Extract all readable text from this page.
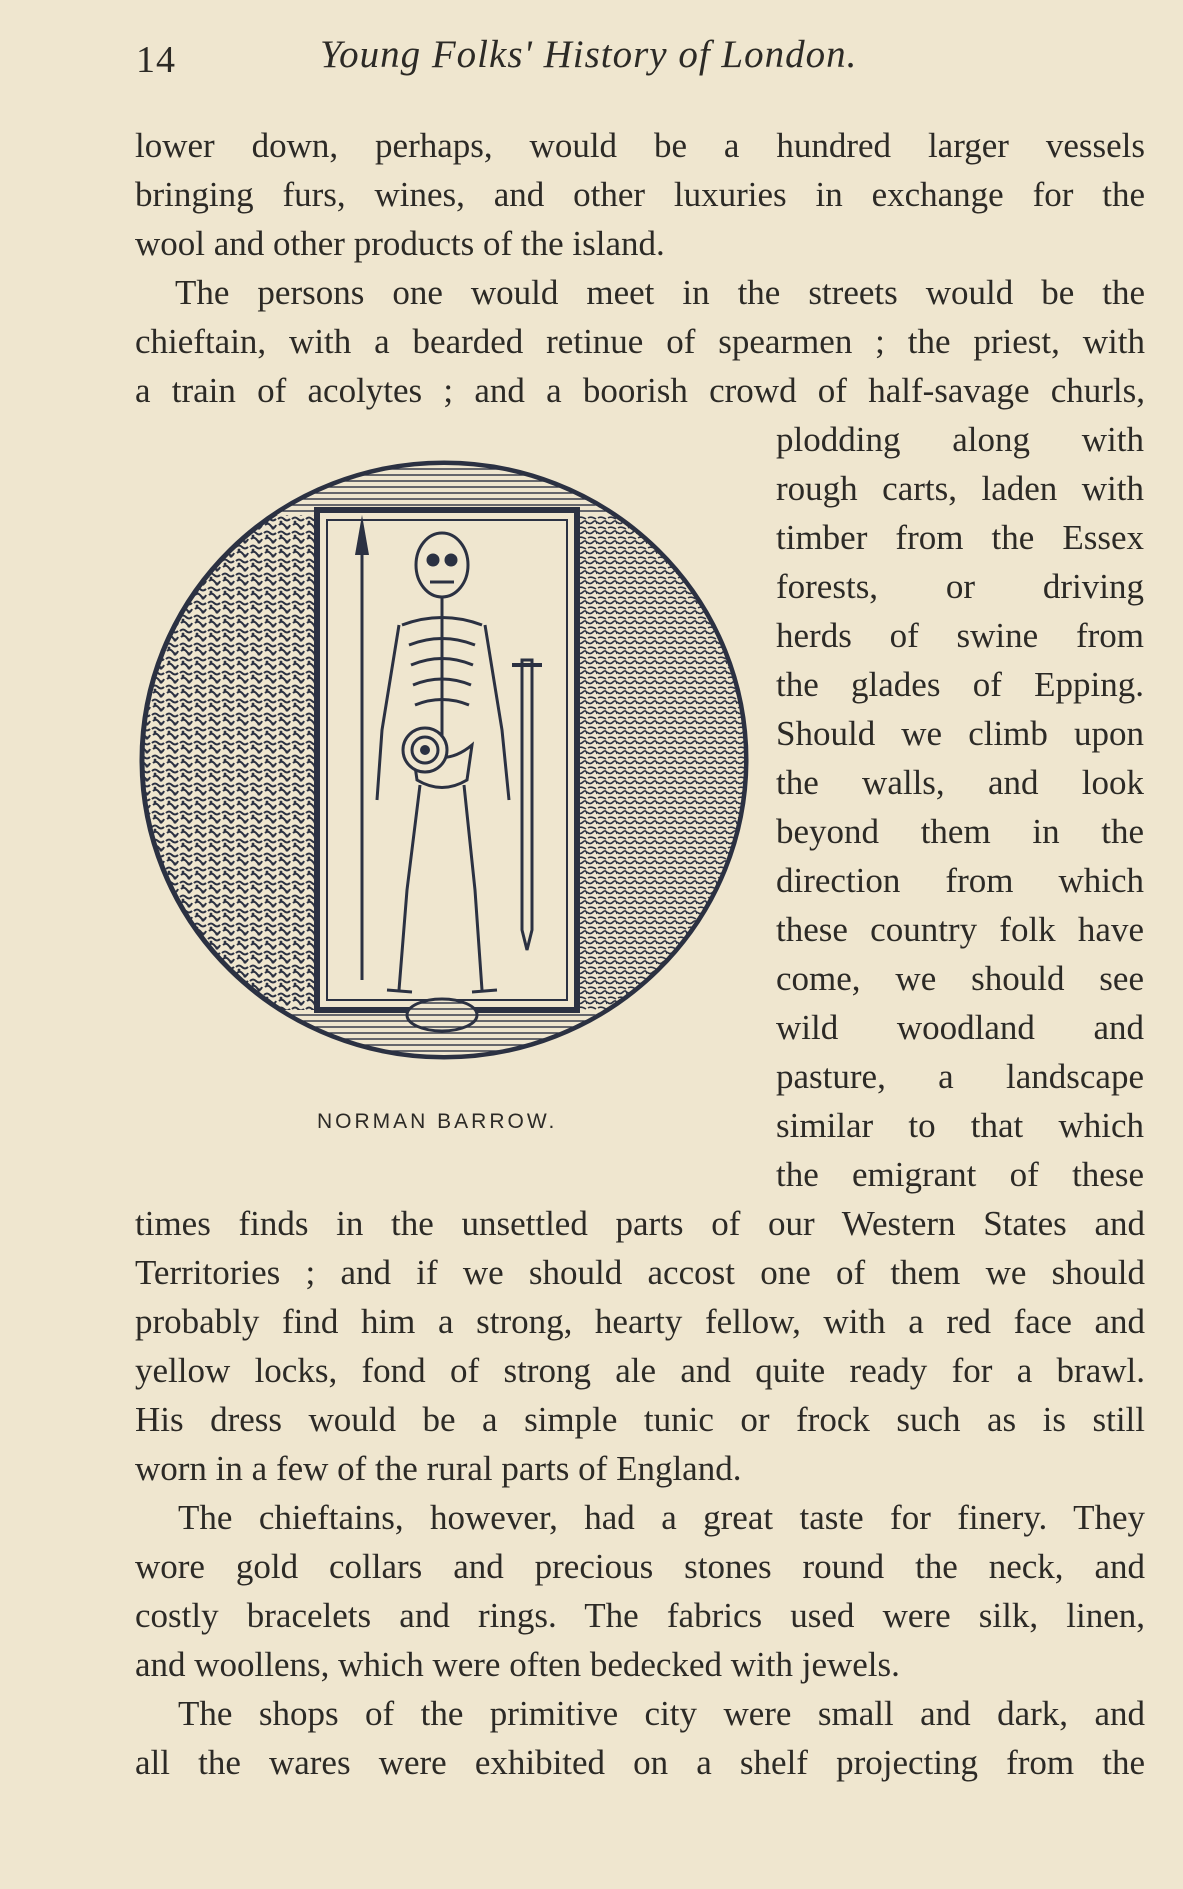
14	Young Folks' History of London.
lower down, perhaps, would be a hundred larger vessels
bringing furs, wines, and other luxuries in exchange for the
wool and other products of the island.
The persons one would meet in the streets would be the
chieftain, with a bearded retinue of spearmen ; the priest, with
a train of acolytes ; and a boorish crowd of half-savage churls,
NORMAN BARROW.
plodding along with
rough carts, laden with
timber from the Essex
forests, or driving
herds of swine from
the glades of Epping.
Should we climb upon
the walls, and look
beyond them in the
direction from which
these country folk have
come, we should see
wild woodland and
pasture, a landscape
similar to that which
the emigrant of these
times finds in the unsettled parts of our Western States and
Territories ; and if we should accost one of them we should
probably find him a strong, hearty fellow, with a red face and
yellow locks, fond of strong ale and quite ready for a brawl.
His dress would be a simple tunic or frock such as is still
worn in a few of the rural parts of England.
The chieftains, however, had a great taste for finery. They
wore gold collars and precious stones round the neck, and
costly bracelets and rings. The fabrics used were silk, linen,
and woollens, which were often bedecked with jewels.
The shops of the primitive city were small and dark, and
all the wares were exhibited on a shelf projecting from the
